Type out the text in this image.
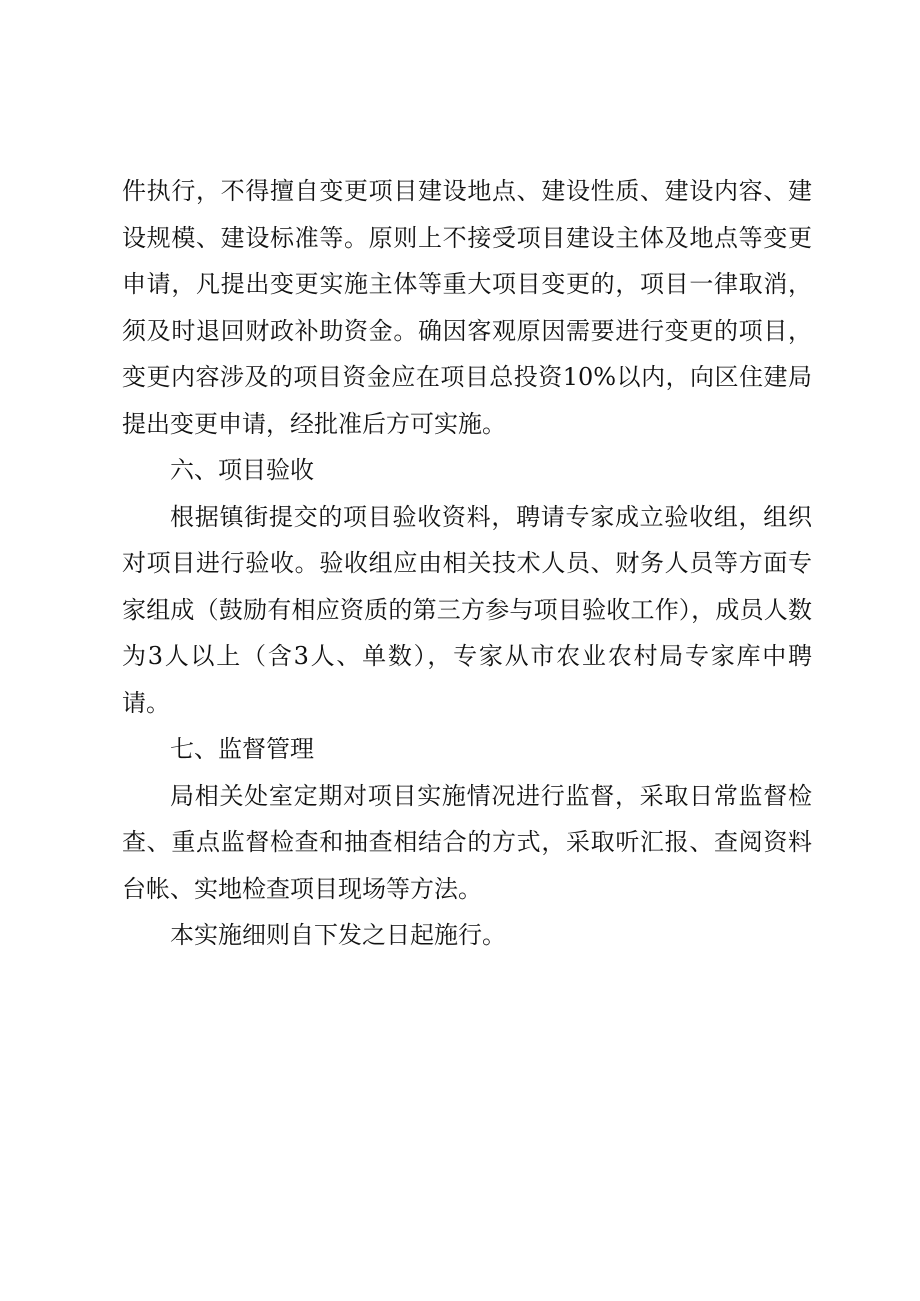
件执行，不得擅自变更项目建设地点、建设性质、建设内容、建设规模、建设标准等。原则上不接受项目建设主体及地点等变更申请，凡提出变更实施主体等重大项目变更的，项目一律取消，须及时退回财政补助资金。确因客观原因需要进行变更的项目，变更内容涉及的项目资金应在项目总投资10%以内，向区住建局提出变更申请，经批准后方可实施。

六、项目验收

根据镇街提交的项目验收资料，聘请专家成立验收组，组织对项目进行验收。验收组应由相关技术人员、财务人员等方面专家组成（鼓励有相应资质的第三方参与项目验收工作），成员人数为3人以上（含3人、单数），专家从市农业农村局专家库中聘请。

七、监督管理

局相关处室定期对项目实施情况进行监督，采取日常监督检查、重点监督检查和抽查相结合的方式，采取听汇报、查阅资料台帐、实地检查项目现场等方法。

本实施细则自下发之日起施行。
